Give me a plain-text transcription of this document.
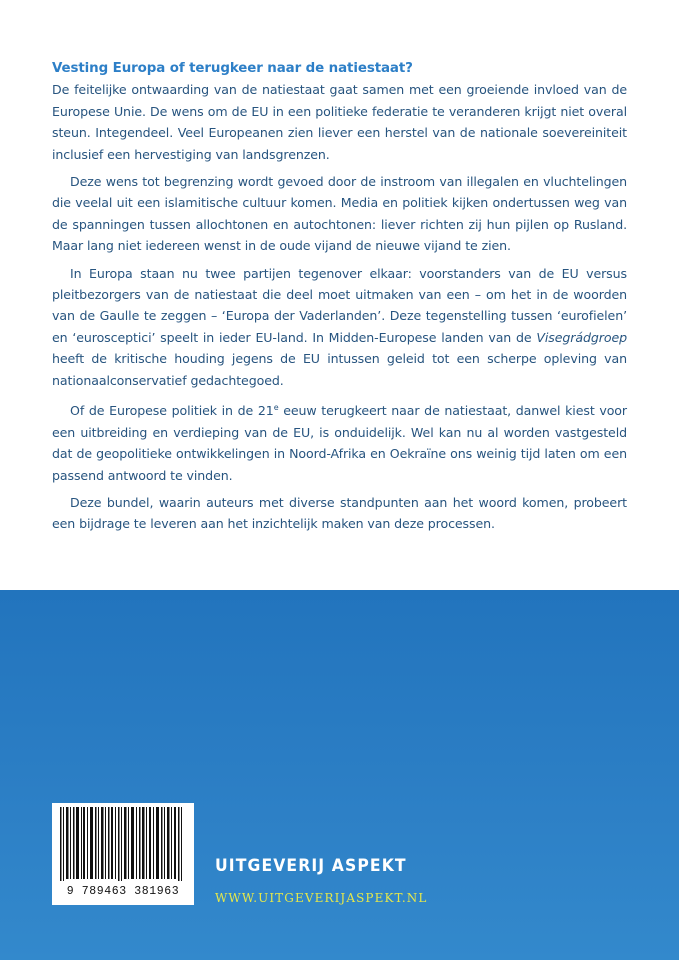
Vesting Europa of terugkeer naar de natiestaat?

De feitelijke ontwaarding van de natiestaat gaat samen met een groeiende invloed van de Europese Unie. De wens om de EU in een politieke federatie te veranderen krijgt niet overal steun. Integendeel. Veel Europeanen zien liever een herstel van de nationale soevereiniteit inclusief een hervestiging van landsgrenzen.

Deze wens tot begrenzing wordt gevoed door de instroom van illegalen en vluchtelingen die veelal uit een islamitische cultuur komen. Media en politiek kijken ondertussen weg van de spanningen tussen allochtonen en autochtonen: liever richten zij hun pijlen op Rusland. Maar lang niet iedereen wenst in de oude vijand de nieuwe vijand te zien.

In Europa staan nu twee partijen tegenover elkaar: voorstanders van de EU versus pleitbezorgers van de natiestaat die deel moet uitmaken van een – om het in de woorden van de Gaulle te zeggen – ‘Europa der Vaderlanden’. Deze tegenstelling tussen ‘eurofielen’ en ‘eurosceptici’ speelt in ieder EU-land. In Midden-Europese landen van de Visegrádgroep heeft de kritische houding jegens de EU intussen geleid tot een scherpe opleving van nationaalconservatief gedachtegoed.

Of de Europese politiek in de 21e eeuw terugkeert naar de natiestaat, danwel kiest voor een uitbreiding en verdieping van de EU, is onduidelijk. Wel kan nu al worden vastgesteld dat de geopolitieke ontwikkelingen in Noord-Afrika en Oekraïne ons weinig tijd laten om een passend antwoord te vinden.

Deze bundel, waarin auteurs met diverse standpunten aan het woord komen, probeert een bijdrage te leveren aan het inzichtelijk maken van deze processen.

9 789463 381963
UITGEVERIJ ASPEKT
WWW.UITGEVERIJASPEKT.NL
